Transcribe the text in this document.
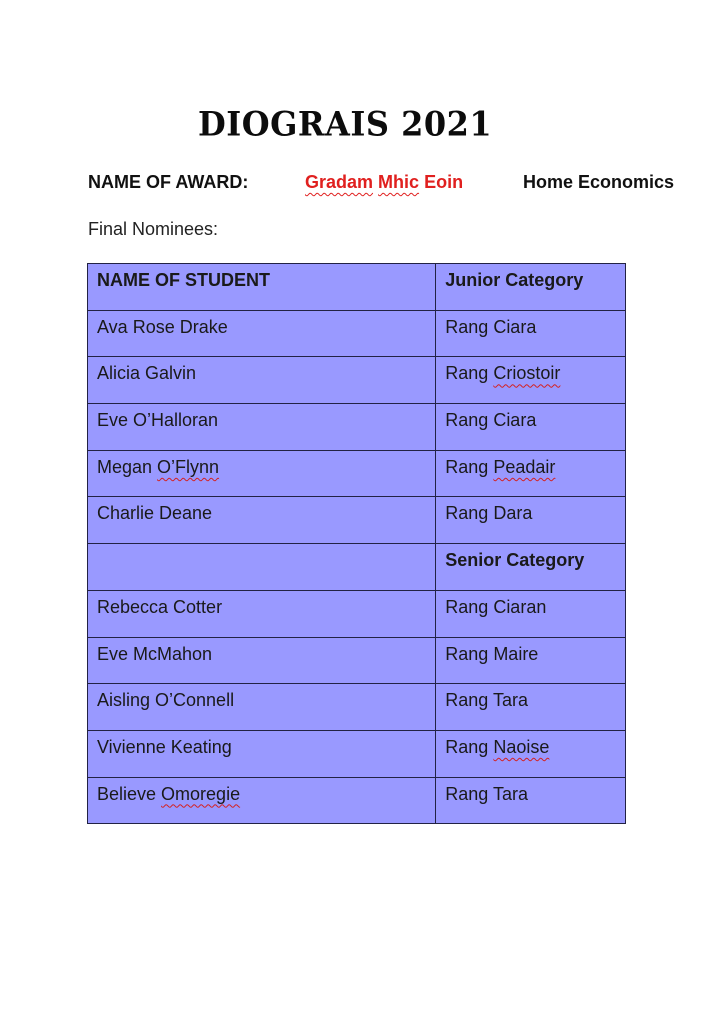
DIOGRAIS 2021
NAME OF AWARD:	Gradam Mhic Eoin	Home Economics
Final Nominees:
NAME OF STUDENT	Junior Category

Ava Rose Drake	Rang Ciara

Alicia Galvin	Rang Criostoir

Eve O’Halloran	Rang Ciara

Megan O’Flynn	Rang Peadair

Charlie Deane	Rang Dara

	Senior Category

Rebecca Cotter	Rang Ciaran

Eve McMahon	Rang Maire

Aisling O’Connell	Rang Tara

Vivienne Keating	Rang Naoise

Believe Omoregie	Rang Tara
